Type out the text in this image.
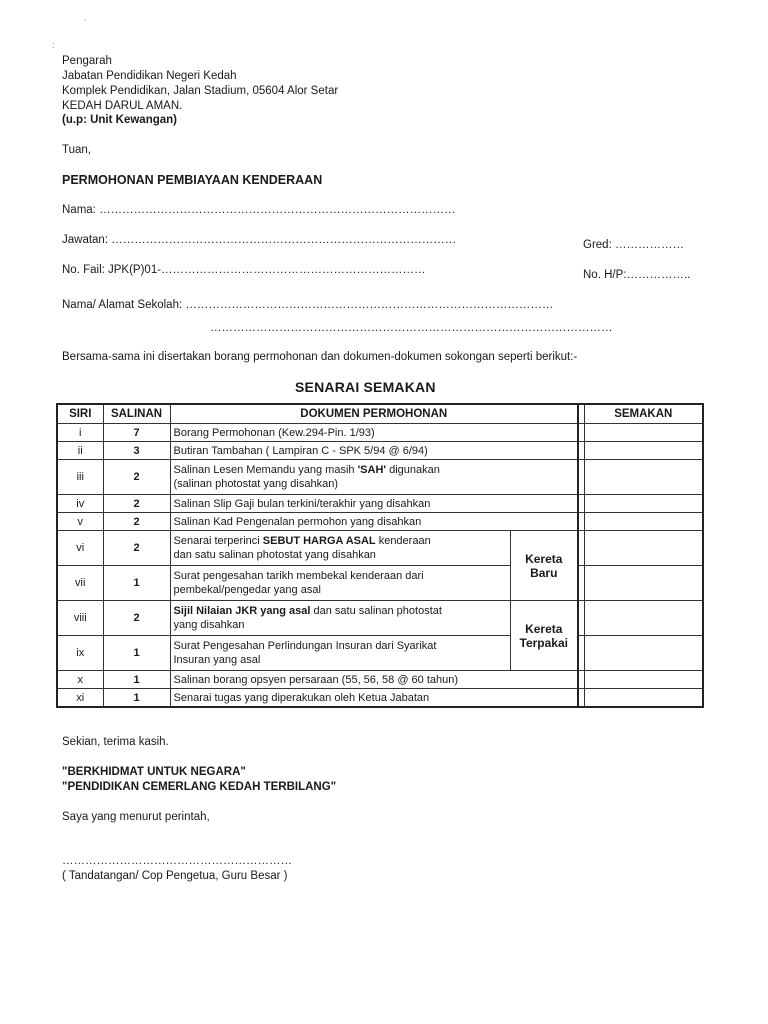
`
:
Pengarah
Jabatan Pendidikan Negeri Kedah
Komplek Pendidikan, Jalan Stadium, 05604 Alor Setar
KEDAH DARUL AMAN.
(u.p: Unit Kewangan)
Tuan,
PERMOHONAN PEMBIAYAAN KENDERAAN
Nama: …………………………………………………………………………………
Jawatan: ………………………………………………………………………………	Gred: ………………
No. Fail: JPK(P)01-……………………………………………………………	No. H/P:……………..
Nama/ Alamat Sekolah: ……………………………………………………………………………………
……………………………………………………………………………………………
Bersama-sama ini disertakan borang permohonan dan dokumen-dokumen sokongan seperti berikut:-
SENARAI SEMAKAN
SIRI	SALINAN	DOKUMEN PERMOHONAN			SEMAKAN
i	7	Borang Permohonan (Kew.294-Pin. 1/93)			
ii	3	Butiran Tambahan ( Lampiran C - SPK 5/94 @ 6/94)			
iii	2	Salinan Lesen Memandu yang masih 'SAH' digunakan
(salinan photostat yang disahkan)			
iv	2	Salinan Slip Gaji bulan terkini/terakhir yang disahkan			
v	2	Salinan Kad Pengenalan permohon yang disahkan			
vi	2	Senarai terperinci SEBUT HARGA ASAL kenderaan
dan satu salinan photostat yang disahkan	Kereta
Baru		
vii	1	Surat pengesahan tarikh membekal kenderaan dari
pembekal/pengedar yang asal			
viii	2	Sijil Nilaian JKR yang asal dan satu salinan photostat
yang disahkan	Kereta
Terpakai		
ix	1	Surat Pengesahan Perlindungan Insuran dari Syarikat
Insuran yang asal			
x	1	Salinan borang opsyen persaraan (55, 56, 58 @ 60 tahun)			
xi	1	Senarai tugas yang diperakukan oleh Ketua Jabatan			
Sekian, terima kasih.
"BERKHIDMAT UNTUK NEGARA"
"PENDIDIKAN CEMERLANG KEDAH TERBILANG"
Saya yang menurut perintah,
……………………………………………………
( Tandatangan/ Cop Pengetua, Guru Besar )
